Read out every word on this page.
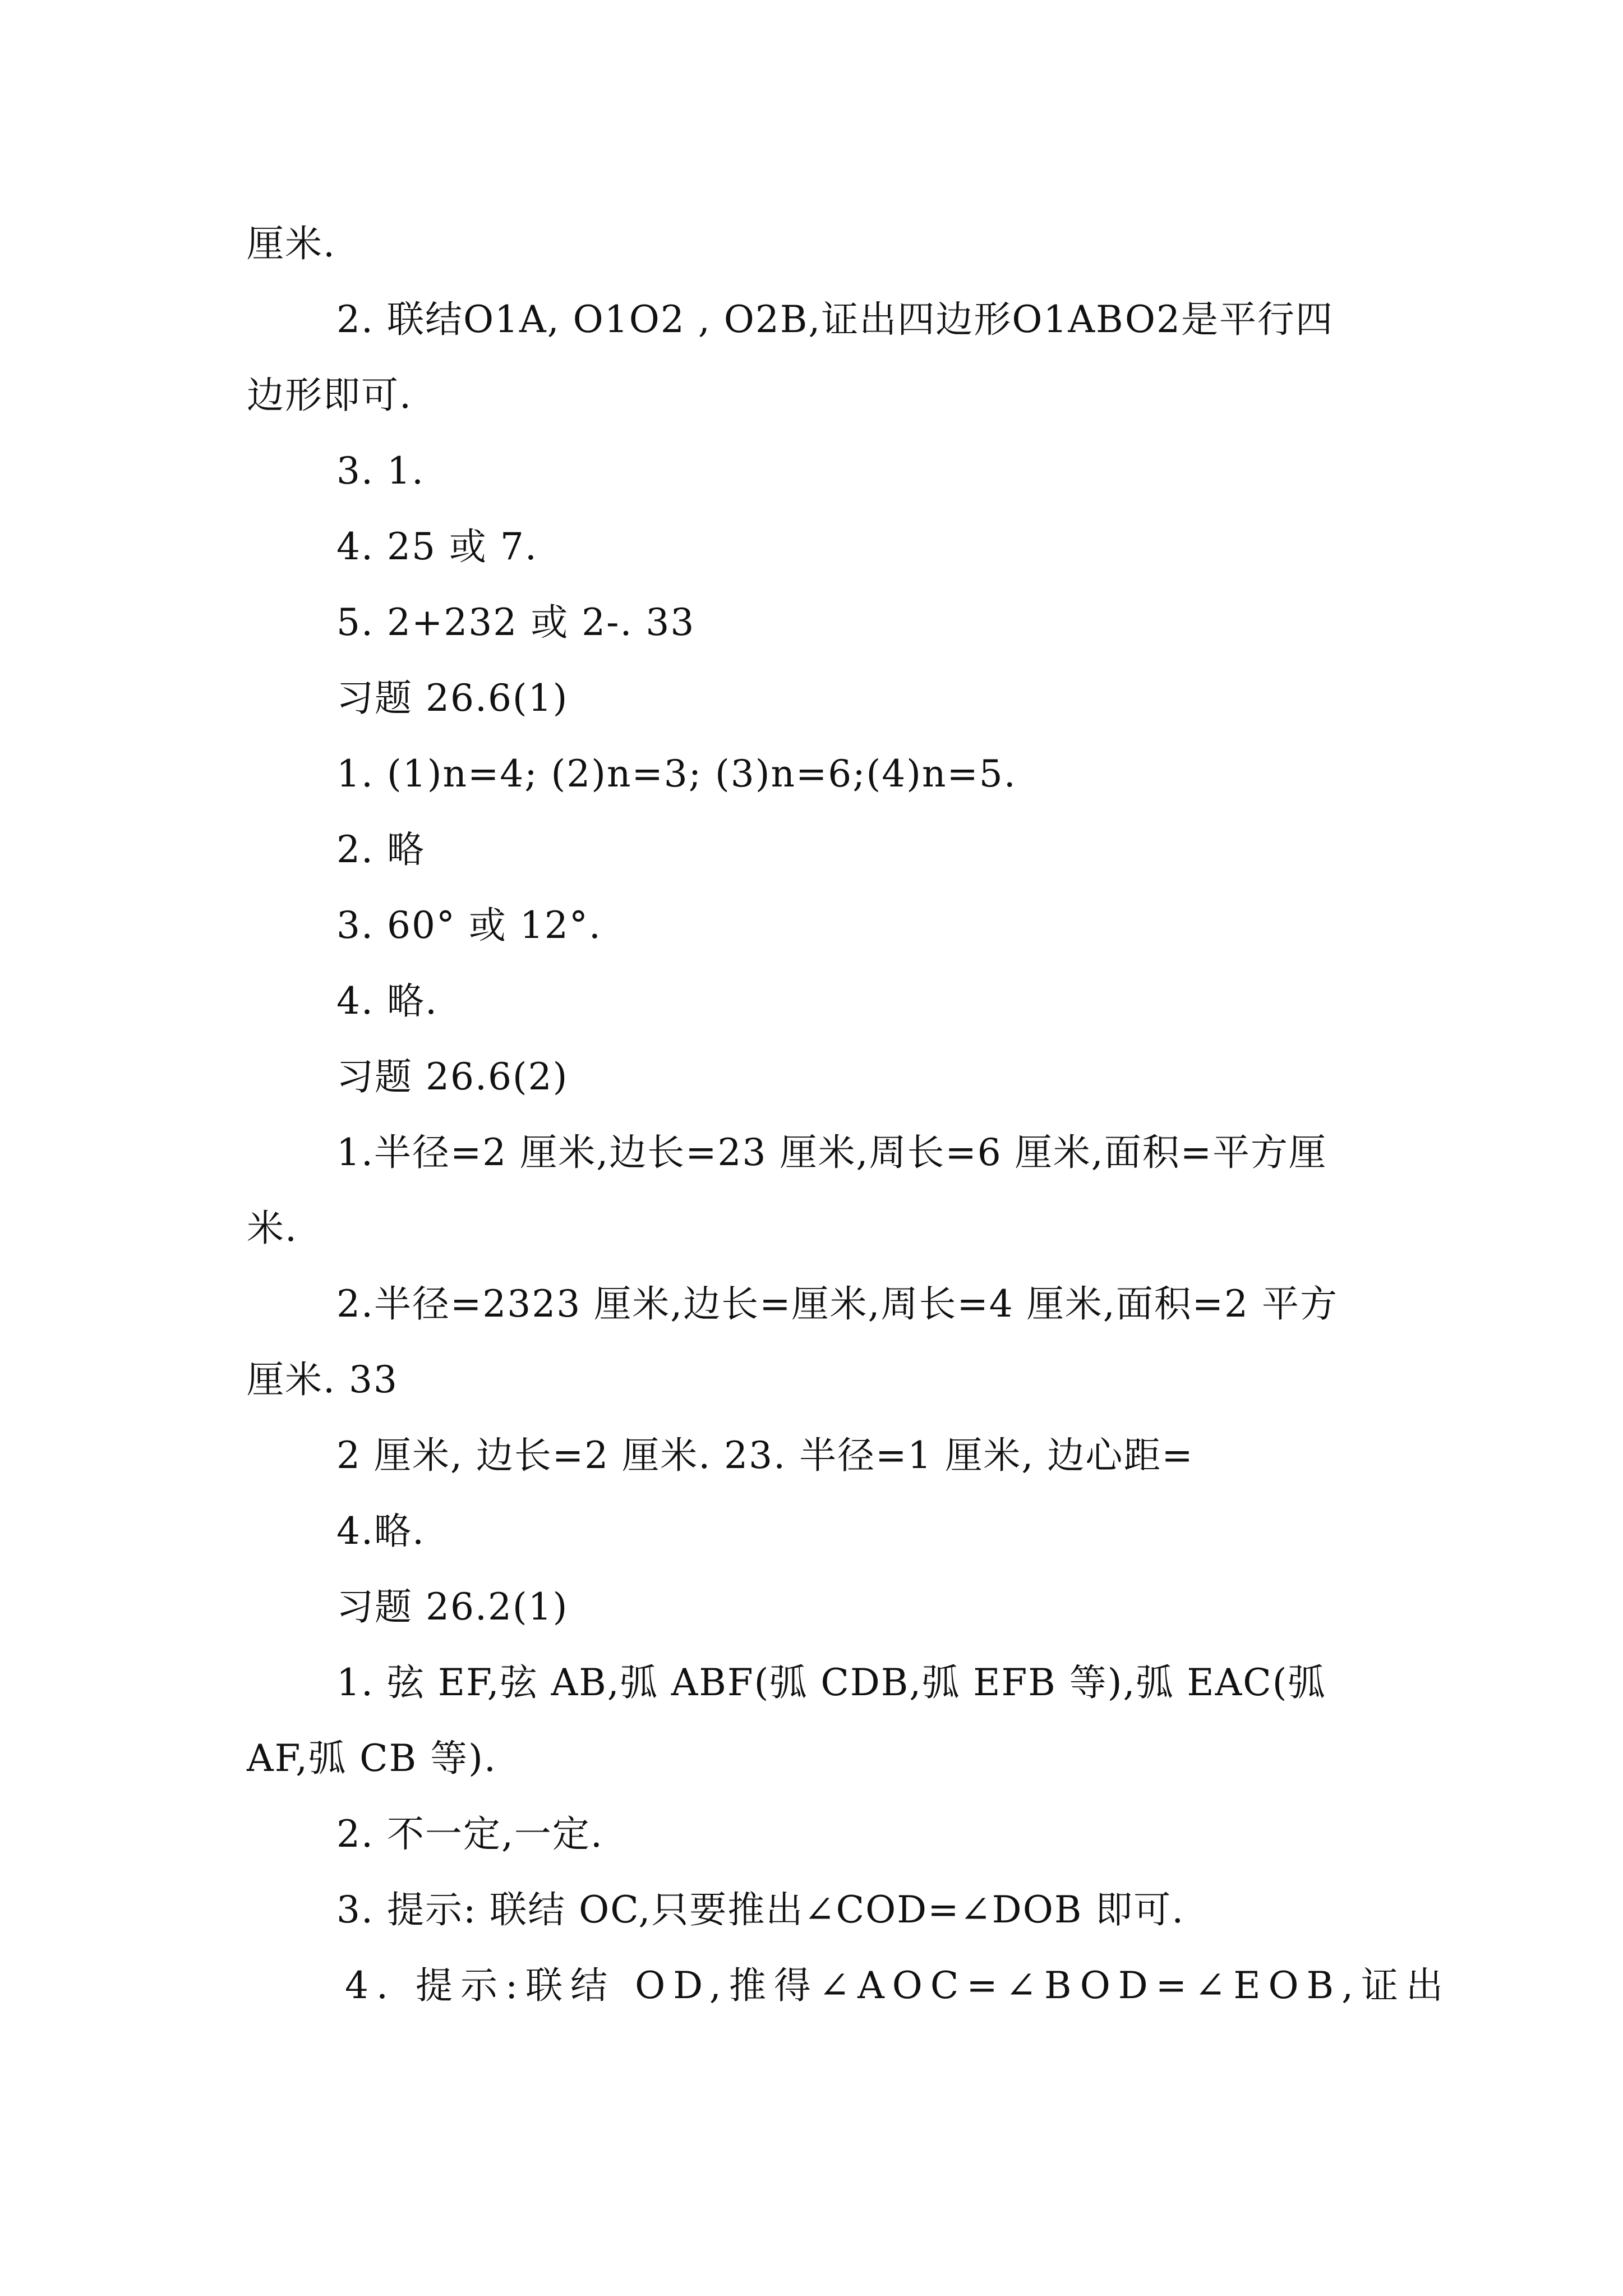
厘米.
2. 联结O1A, O1O2 , O2B,证出四边形O1ABO2是平行四
边形即可.
3. 1.
4. 25 或 7.
5. 2+232 或 2-. 33
习题 26.6(1)
1. (1)n=4; (2)n=3; (3)n=6;(4)n=5.
2. 略
3. 60° 或 12°.
4. 略.
习题 26.6(2)
1.半径=2 厘米,边长=23 厘米,周长=6 厘米,面积=平方厘
米.
2.半径=2323 厘米,边长=厘米,周长=4 厘米,面积=2 平方
厘米. 33
2 厘米, 边长=2 厘米. 23. 半径=1 厘米, 边心距=
4.略.
习题 26.2(1)
1. 弦 EF,弦 AB,弧 ABF(弧 CDB,弧 EFB 等),弧 EAC(弧
AF,弧 CB 等).
2. 不一定,一定.
3. 提示: 联结 OC,只要推出∠COD=∠DOB 即可.
4. 提示:联结 OD,推得∠AOC=∠BOD=∠EOB,证出
